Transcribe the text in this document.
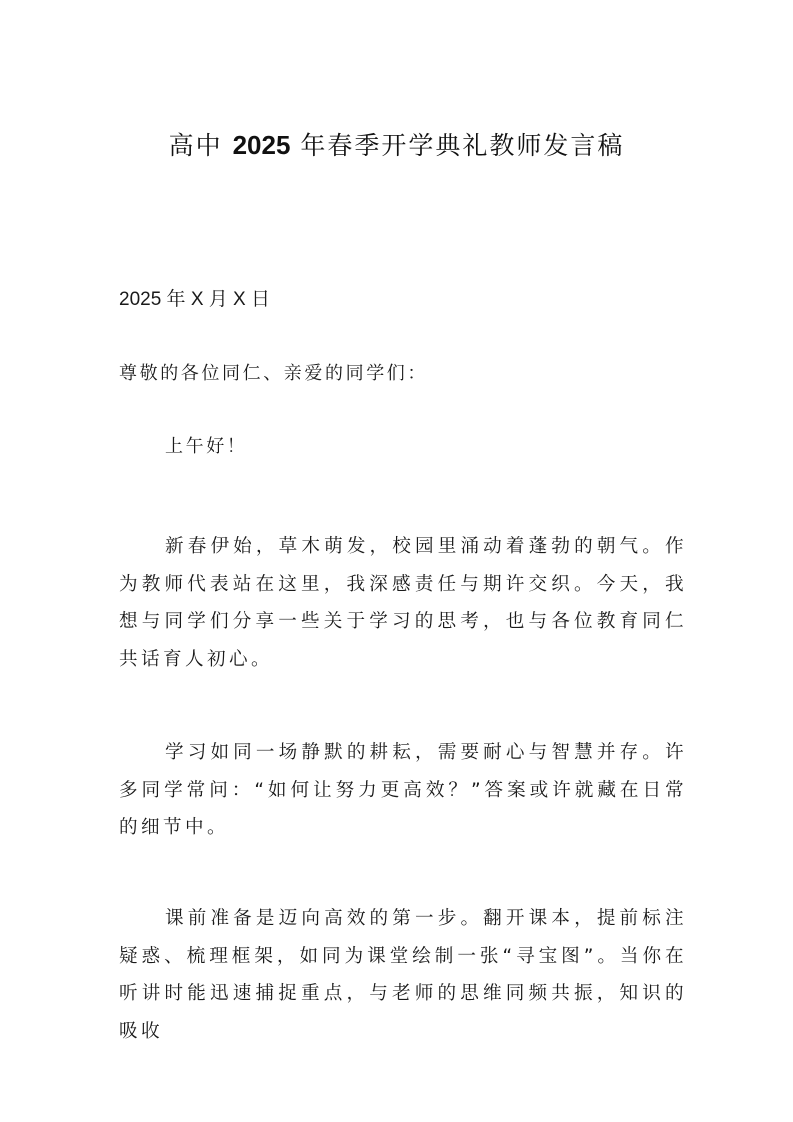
高中 2025 年春季开学典礼教师发言稿
2025 年 X 月 X 日
尊敬的各位同仁、亲爱的同学们：
上午好！
新春伊始，草木萌发，校园里涌动着蓬勃的朝气。作为教师代表站在这里，我深感责任与期许交织。今天，我想与同学们分享一些关于学习的思考，也与各位教育同仁共话育人初心。
学习如同一场静默的耕耘，需要耐心与智慧并存。许多同学常问：“如何让努力更高效？”答案或许就藏在日常的细节中。
课前准备是迈向高效的第一步。翻开课本，提前标注疑惑、梳理框架，如同为课堂绘制一张“寻宝图”。当你在听讲时能迅速捕捉重点，与老师的思维同频共振，知识的吸收
